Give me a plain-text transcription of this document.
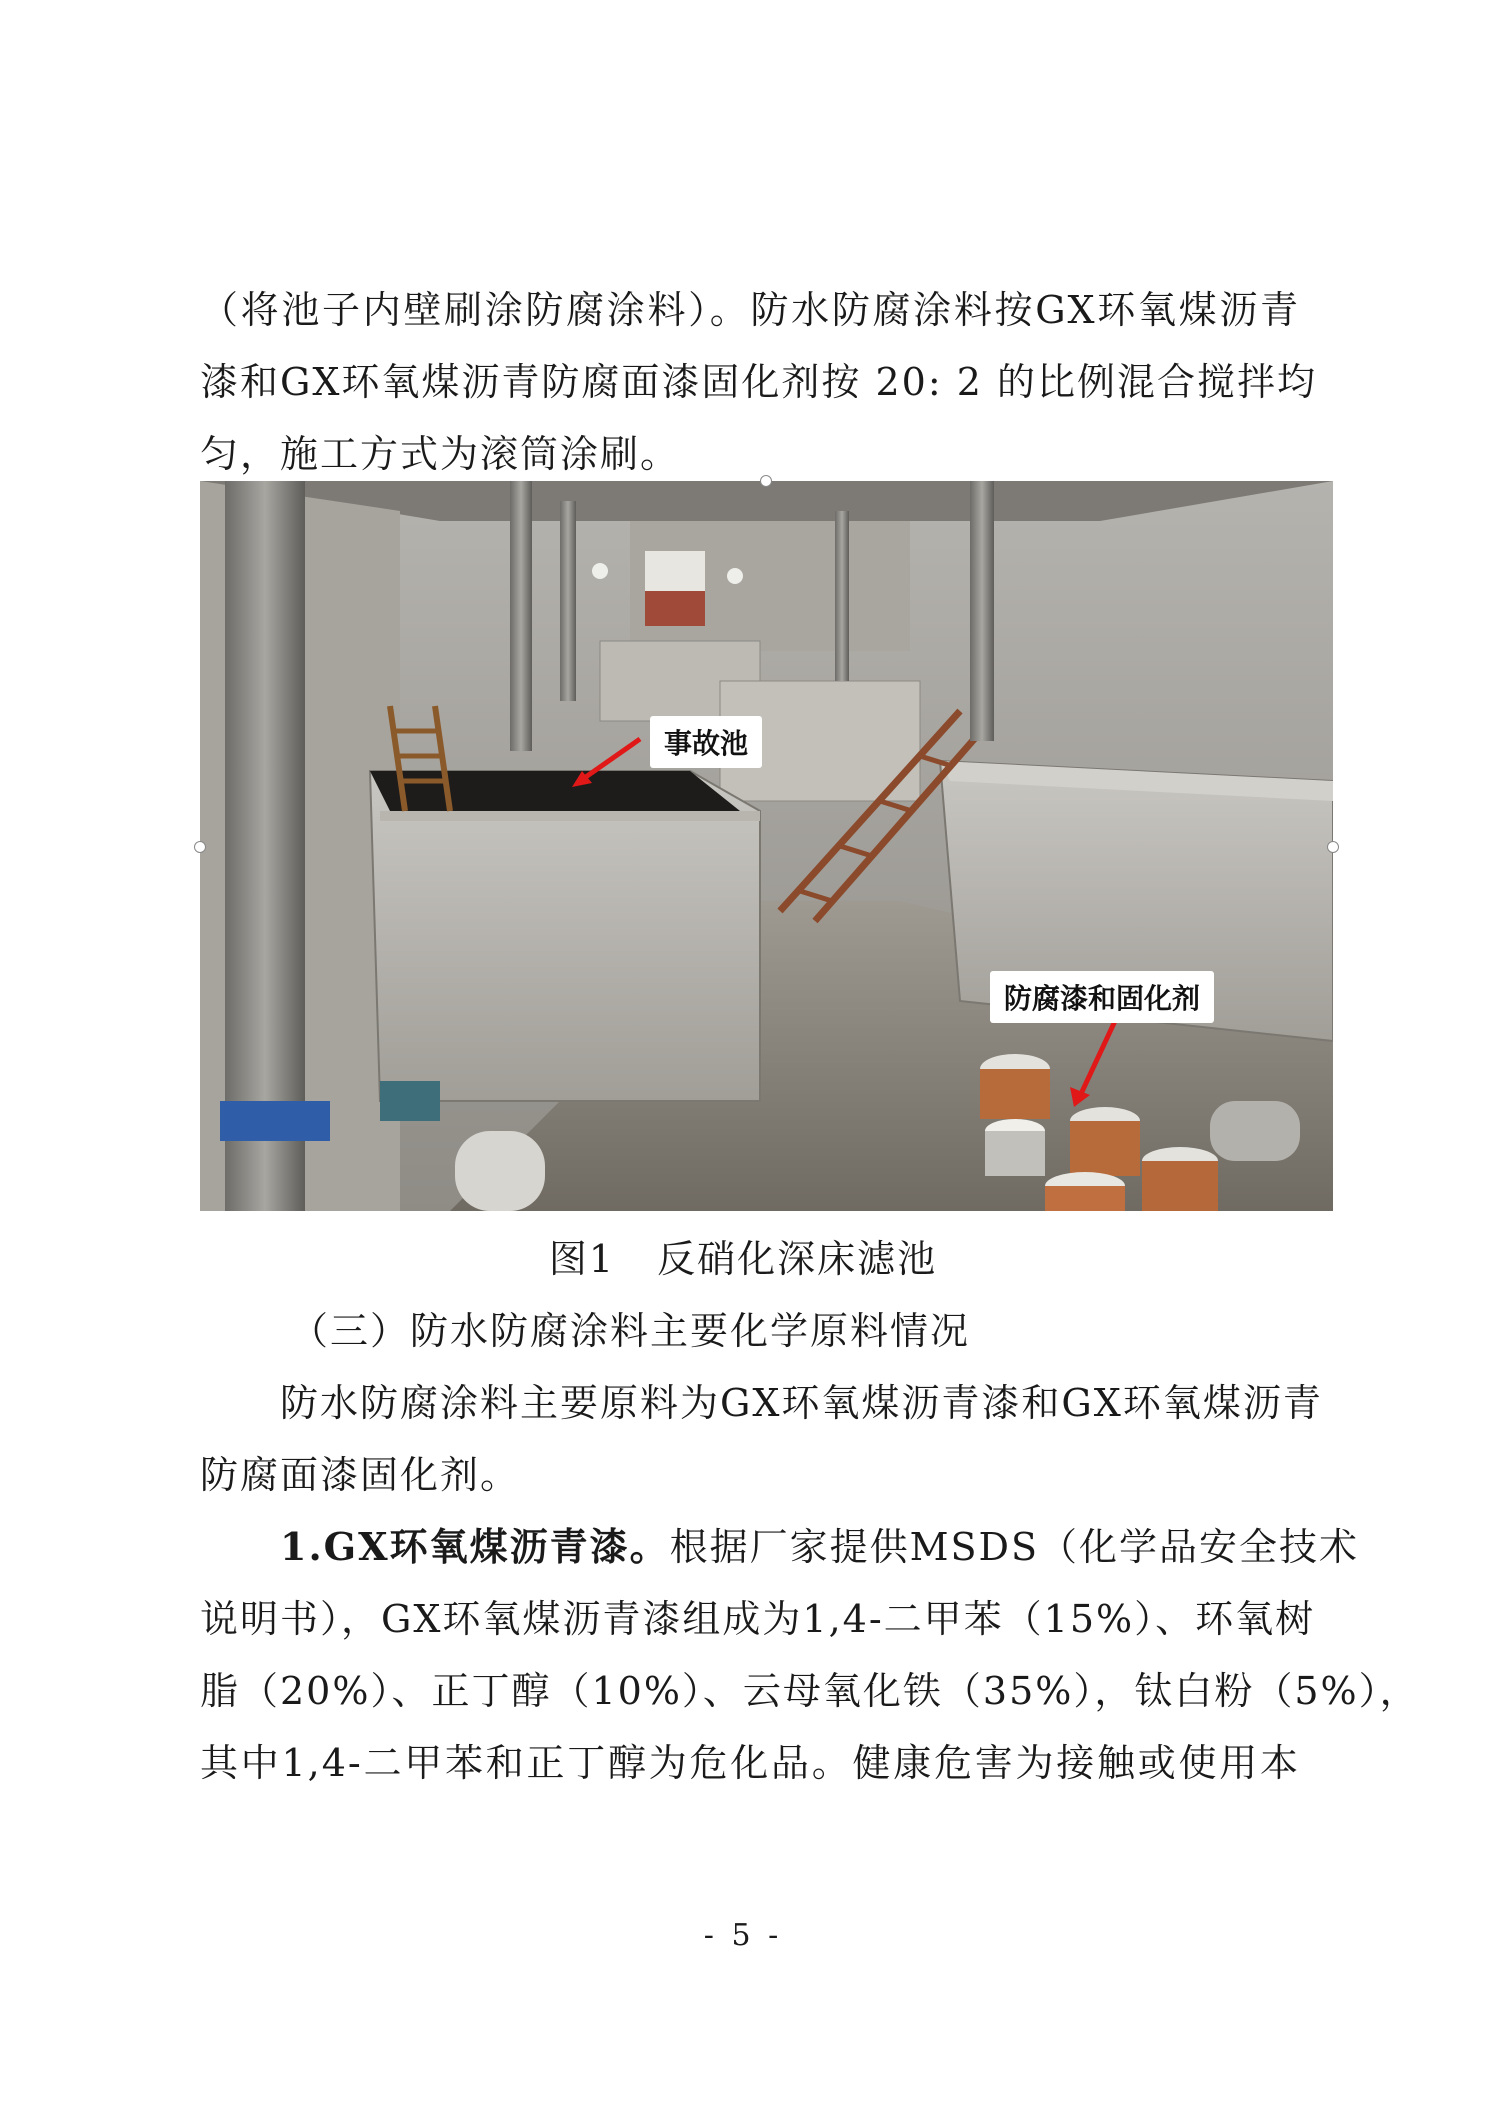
（将池子内壁刷涂防腐涂料）。防水防腐涂料按GX环氧煤沥青
漆和GX环氧煤沥青防腐面漆固化剂按 20: 2 的比例混合搅拌均
匀，施工方式为滚筒涂刷。
事故池
防腐漆和固化剂
图1 反硝化深床滤池
（三）防水防腐涂料主要化学原料情况
防水防腐涂料主要原料为GX环氧煤沥青漆和GX环氧煤沥青
防腐面漆固化剂。
1.GX环氧煤沥青漆。 根据厂家提供MSDS（化学品安全技术
说明书），GX环氧煤沥青漆组成为1,4-二甲苯（15%）、环氧树
脂（20%）、正丁醇（10%）、云母氧化铁（35%），钛白粉（5%），
其中1,4-二甲苯和正丁醇为危化品。健康危害为接触或使用本
- 5 -
